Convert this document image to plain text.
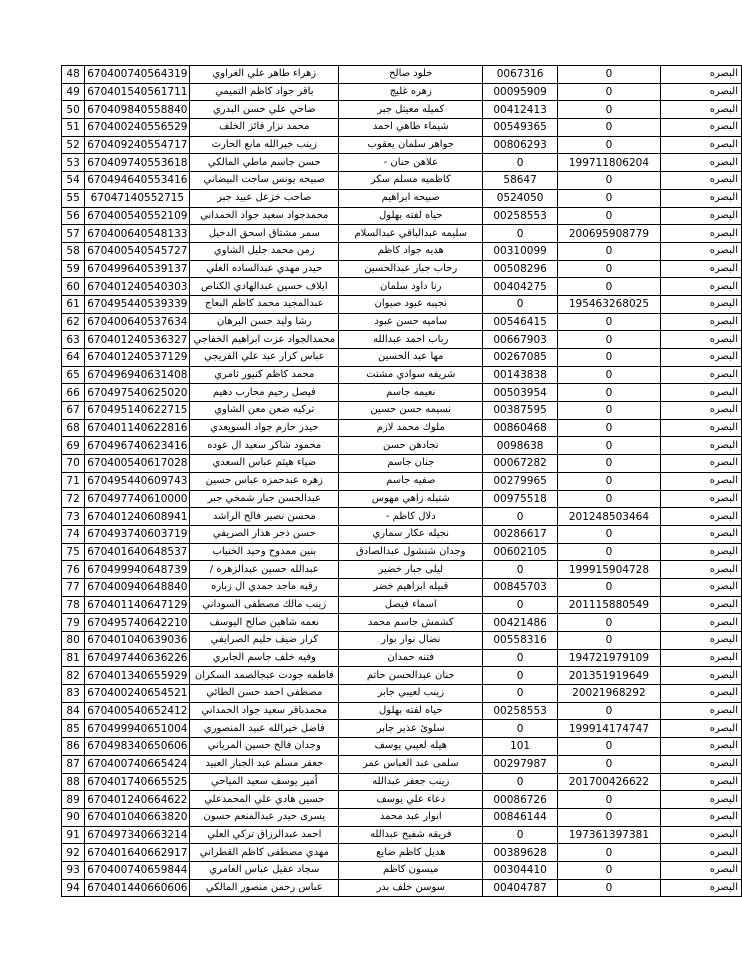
48	670400740564319	زهراء طاهر علي الغراوي	خلود صالح	0067316	0	البصره
49	670401540561711	باقر جواد كاظم التميمي	زهره غليج	00095909	0	البصره
50	670409840558840	ضاحي علي حسن البدري	كميله معيتل جبر	00412413	0	البصره
51	670400240556529	محمد نزار فائز الخلف	شيماء طاهي احمد	00549365	0	البصره
52	670409240554717	زينب خيرالله مانع الحارث	جواهر سلمان يعقوب	00806293	0	البصره
53	670409740553618	حسن جاسم ماطي المالكي	علاهن حنان -	0	199711806204	البصره
54	670494640553416	صبيحه يونس ساجت البيضاني	كاظميه مسلم سكر	58647	0	البصره
55	67047140552715	صاحب خزعل عبيد جبر	صبيحه ابراهيم	0524050	0	البصره
56	670400540552109	محمدجواد سعيد جواد الحمداني	حياه لفته بهلول	00258553	0	البصره
57	670400640548133	سمر مشتاق اسحق الدخيل	سليمه عبدالباقي عبدالسلام	0	200695908779	البصره
58	670400540545727	زمن محمد جليل الشاوي	هديه جواد كاظم	00310099	0	البصره
59	670499640539137	حيدر مهدي عبدالساده العلي	رحاب جبار عبدالحسين	00508296	0	البصره
60	670401240540303	ايلاف حسين عبدالهادي الكناص	رنا داود سلمان	00404275	0	البصره
61	670495440539339	عبدالمجيد محمد كاظم البعاج	نجيبه عبود صيوان	0	195463268025	البصره
62	670400640537634	رشا وليد حسن البرهان	ساميه حسن عبود	00546415	0	البصره
63	670401240536327	محمدالجواد عزت ابراهيم الخفاجي	رباب احمد عبدالله	00667903	0	البصره
64	670401240537129	عباس كرار عبد علي الفريجي	مها عبد الحسين	00267085	0	البصره
65	670496940631408	محمد كاظم كنيور ثامري	شريفه سوادي مشتت	00143838	0	البصره
66	670497540625020	فيصل رحيم محارب دهيم	نعيمه جاسم	00503954	0	البصره
67	670495140622715	تركيه ضعن معن الشاوي	نسيمه حسن حسين	00387595	0	البصره
68	670401140622816	حيدر حازم جواد السويعدي	ملوك محمد لازم	00860468	0	البصره
69	670496740623416	محمود شاكر سعيد ال عوده	نجادهن حسن	0098638	0	البصره
70	670400540617028	ضياء هيثم عباس السعدي	جنان جاسم	00067282	0	البصره
71	670495440609743	زهره عبدحمزه عباس حسين	صفيه جاسم	00279965	0	البصره
72	670497740610000	عبدالحسن جبار شمخي جبر	شتيله زاهي مهوس	00975518	0	البصره
73	670401240608941	محسن نصير فالح الراشد	دلال كاظم -	0	201248503464	البصره
74	670493740603719	حسن ذجر هذار الصريفي	نجيله عكار سماري	00286617	0	البصره
75	670401640648537	بنين ممدوح وحيد الخنياب	وجدان شنشول عبدالصادق	00602105	0	البصره
76	670499940648739	عبدالله حسين عبدالزهرة /	ليلى جبار خضير	0	199915904728	البصره
77	670400940648840	رقيه ماجد حمدي ال زباره	قبيله ابراهيم خضر	00845703	0	البصره
78	670401140647129	زينب مالك مصطفى السوداني	اسماء فيصل	0	201115880549	البصره
79	670495740642210	نعمه شاهين صالح اليوسف	كشمش جاسم محمد	00421486	0	البصره
80	670401040639036	كرار ضيف حليم الصرايفي	نضال نوار بوار	00558316	0	البصره
81	670497440636226	وفيه خلف جاسم الجابري	فتنه حمدان	0	194721979109	البصره
82	670401340655929	فاطمه جودت عبجالصمد السكران	حنان عبدالحسن حاتم	0	201351919649	البصره
83	670400240654521	مصطفى احمد حسن الطائي	زينب لعيبي جابر	0	20021968292	البصره
84	670400540652412	محمدباقر سعيد جواد الحمداني	حياه لفته بهلول	00258553	0	البصره
85	670499940651004	فاضل خيرالله عبيد المنصوري	سلوئ عذير جابر	0	199914174747	البصره
86	670498340650606	وجدان فالح حسين المرياني	هيله لعيبي يوسف	101	0	البصره
87	670400740665424	جعفر مسلم عبد الجبار العبيد	سلمى عبد العباس عمر	00297987	0	البصره
88	670401740665525	أمير يوسف سعيد المياحي	زينب جعفر عبدالله	0	201700426622	البصره
89	670401240664622	حسين هادي علي المحمدعلي	دعاء علي يوسف	00086726	0	البصره
90	670401040663820	يسرى حيدر عبدالمنعم حسون	انوار عبد محمد	00846144	0	البصره
91	670497340663214	احمد عبدالرزاق تركي العلي	فريقه شفيح عبدالله	0	197361397381	البصره
92	670401640662917	مهدي مصطفى كاظم القطراني	هديل كاظم ضايع	00389628	0	البصره
93	670400740659844	سجاد عقيل عباس العامري	ميسون كاظم	00304410	0	البصره
94	670401440660606	عباس رحمن منصور المالكي	سوسن خلف بدر	00404787	0	البصره
